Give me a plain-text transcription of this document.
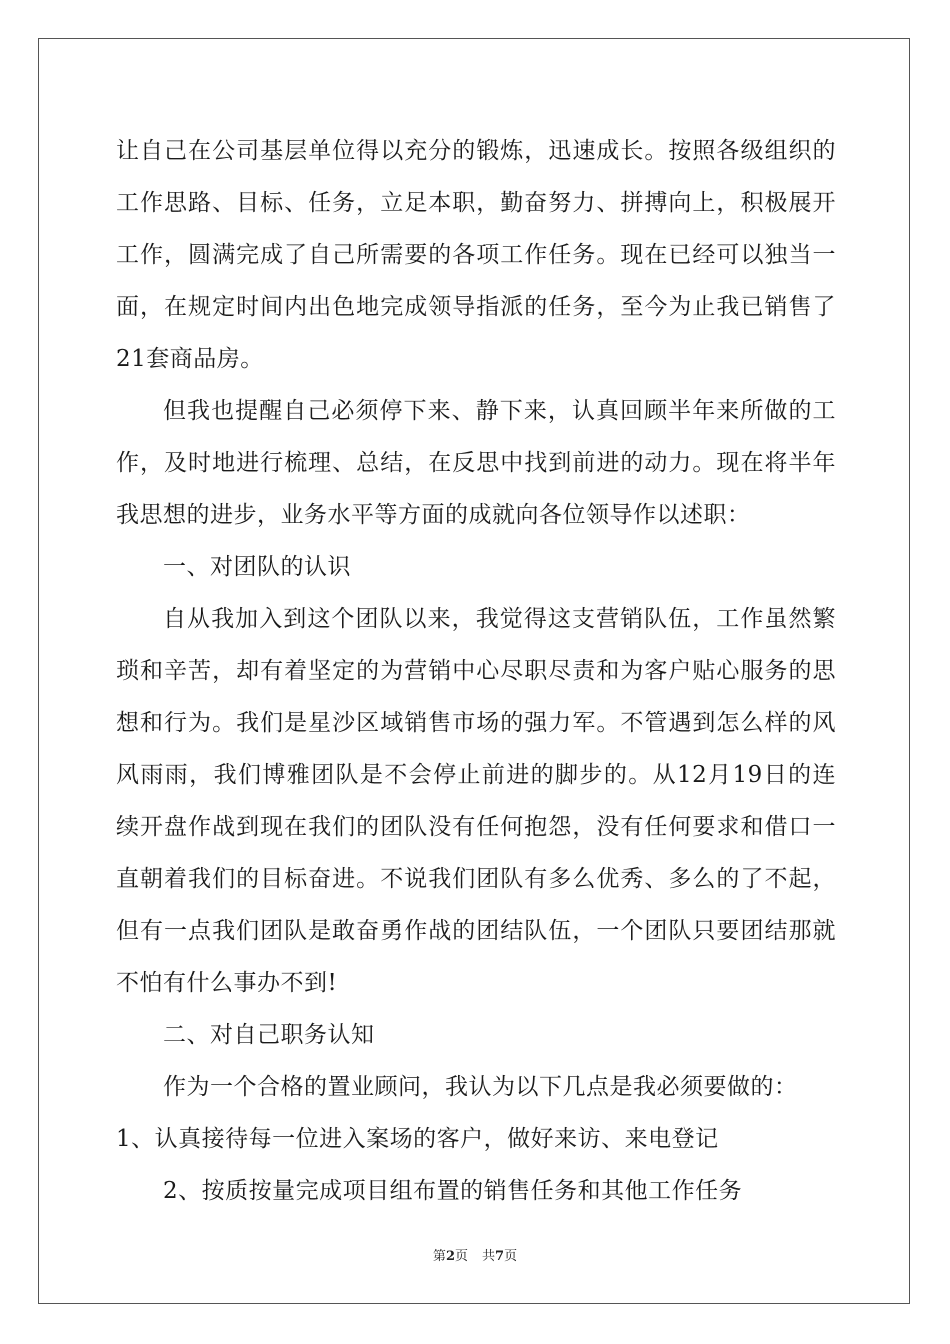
让自己在公司基层单位得以充分的锻炼，迅速成长。按照各级组织的
工作思路、目标、任务，立足本职，勤奋努力、拼搏向上，积极展开
工作，圆满完成了自己所需要的各项工作任务。现在已经可以独当一
面，在规定时间内出色地完成领导指派的任务，至今为止我已销售了
21套商品房。
但我也提醒自己必须停下来、静下来，认真回顾半年来所做的工
作，及时地进行梳理、总结，在反思中找到前进的动力。现在将半年
我思想的进步，业务水平等方面的成就向各位领导作以述职：
一、对团队的认识
自从我加入到这个团队以来，我觉得这支营销队伍，工作虽然繁
琐和辛苦，却有着坚定的为营销中心尽职尽责和为客户贴心服务的思
想和行为。我们是星沙区域销售市场的强力军。不管遇到怎么样的风
风雨雨，我们博雅团队是不会停止前进的脚步的。从12月19日的连
续开盘作战到现在我们的团队没有任何抱怨，没有任何要求和借口一
直朝着我们的目标奋进。不说我们团队有多么优秀、多么的了不起，
但有一点我们团队是敢奋勇作战的团结队伍，一个团队只要团结那就
不怕有什么事办不到!
二、对自己职务认知
作为一个合格的置业顾问，我认为以下几点是我必须要做的：
1、认真接待每一位进入案场的客户，做好来访、来电登记
2、按质按量完成项目组布置的销售任务和其他工作任务
第2页 共7页
